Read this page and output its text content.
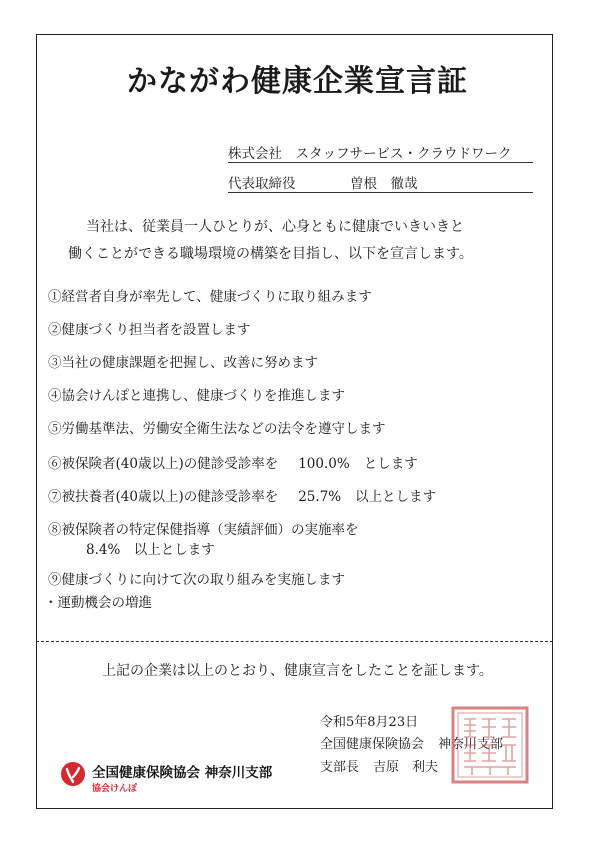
かながわ健康企業宣言証
株式会社　スタッフサービス・クラウドワーク
代表取締役	曽根　徹哉
当社は、従業員一人ひとりが、心身ともに健康でいきいきと
働くことができる職場環境の構築を目指し、以下を宣言します。
①経営者自身が率先して、健康づくりに取り組みます
②健康づくり担当者を設置します
③当社の健康課題を把握し、改善に努めます
④協会けんぽと連携し、健康づくりを推進します
⑤労働基準法、労働安全衛生法などの法令を遵守します
⑥被保険者(40歳以上)の健診受診率を 100.0% とします
⑦被扶養者(40歳以上)の健診受診率を 25.7% 以上とします
⑧被保険者の特定保健指導（実績評価）の実施率を
8.4%　以上とします
⑨健康づくりに向けて次の取り組みを実施します
・運動機会の増進
上記の企業は以上のとおり、健康宣言をしたことを証します。
令和5年8月23日
全国健康保険協会 神奈川支部
支部長 吉原　利夫
全国健康保険協会 神奈川支部
協会けんぽ
